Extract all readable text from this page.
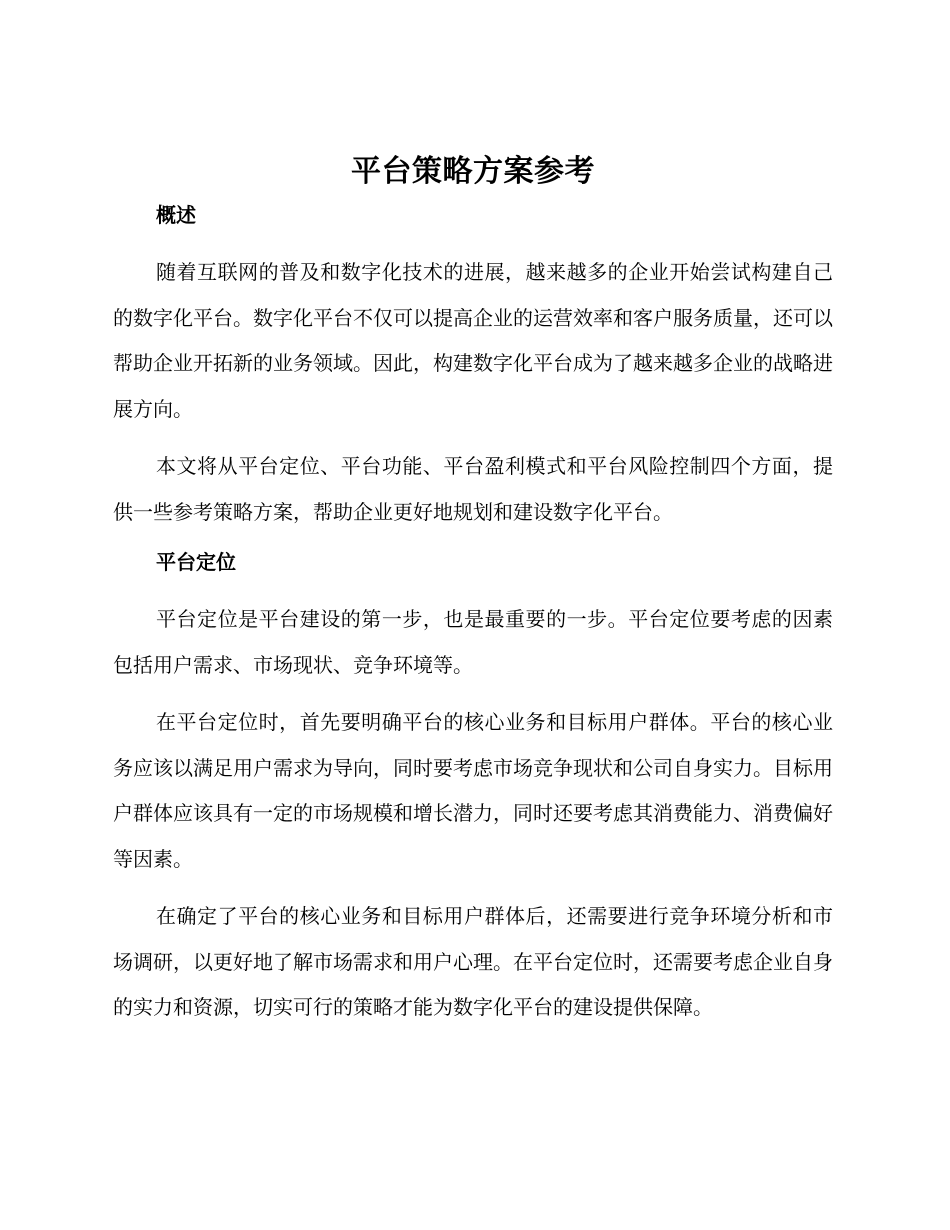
平台策略方案参考
概述

随着互联网的普及和数字化技术的进展，越来越多的企业开始尝试构建自己的数字化平台。数字化平台不仅可以提高企业的运营效率和客户服务质量，还可以帮助企业开拓新的业务领域。因此，构建数字化平台成为了越来越多企业的战略进展方向。

本文将从平台定位、平台功能、平台盈利模式和平台风险控制四个方面，提供一些参考策略方案，帮助企业更好地规划和建设数字化平台。

平台定位

平台定位是平台建设的第一步，也是最重要的一步。平台定位要考虑的因素包括用户需求、市场现状、竞争环境等。

在平台定位时，首先要明确平台的核心业务和目标用户群体。平台的核心业务应该以满足用户需求为导向，同时要考虑市场竞争现状和公司自身实力。目标用户群体应该具有一定的市场规模和增长潜力，同时还要考虑其消费能力、消费偏好等因素。

在确定了平台的核心业务和目标用户群体后，还需要进行竞争环境分析和市场调研，以更好地了解市场需求和用户心理。在平台定位时，还需要考虑企业自身的实力和资源，切实可行的策略才能为数字化平台的建设提供保障。
